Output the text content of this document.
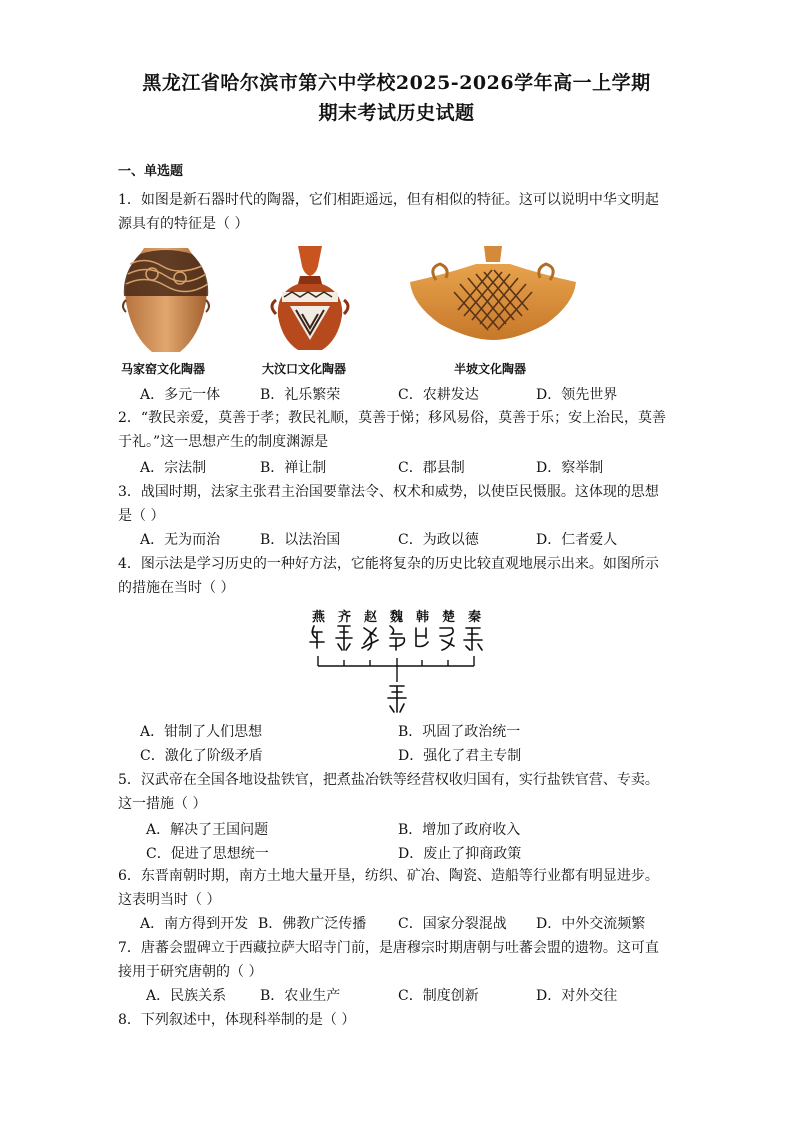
黑龙江省哈尔滨市第六中学校2025-2026学年高一上学期
期末考试历史试题
一、单选题
1．如图是新石器时代的陶器，它们相距遥远，但有相似的特征。这可以说明中华文明起
源具有的特征是（ ）
马家窑文化陶器	大汶口文化陶器	半坡文化陶器
A．多元一体	B．礼乐繁荣	C．农耕发达	D．领先世界
2．“教民亲爱，莫善于孝；教民礼顺，莫善于悌；移风易俗，莫善于乐；安上治民，莫善
于礼。”这一思想产生的制度渊源是
A．宗法制	B．禅让制	C．郡县制	D．察举制
3．战国时期，法家主张君主治国要靠法令、权术和威势，以使臣民慑服。这体现的思想
是（ ）
A．无为而治	B．以法治国	C．为政以德	D．仁者爱人
4．图示法是学习历史的一种好方法，它能将复杂的历史比较直观地展示出来。如图所示
的措施在当时（ ）
燕 齐 赵 魏 韩 楚 秦
A．钳制了人们思想	B．巩固了政治统一
C．激化了阶级矛盾	D．强化了君主专制
5．汉武帝在全国各地设盐铁官，把煮盐冶铁等经营权收归国有，实行盐铁官营、专卖。
这一措施（ ）
A．解决了王国问题	B．增加了政府收入
C．促进了思想统一	D．废止了抑商政策
6．东晋南朝时期，南方土地大量开垦，纺织、矿冶、陶瓷、造船等行业都有明显进步。
这表明当时（ ）
A．南方得到开发 B．佛教广泛传播 C．国家分裂混战 D．中外交流频繁
7．唐蕃会盟碑立于西藏拉萨大昭寺门前，是唐穆宗时期唐朝与吐蕃会盟的遗物。这可直
接用于研究唐朝的（ ）
A．民族关系 B．农业生产	C．制度创新	D．对外交往
8．下列叙述中，体现科举制的是（ ）
